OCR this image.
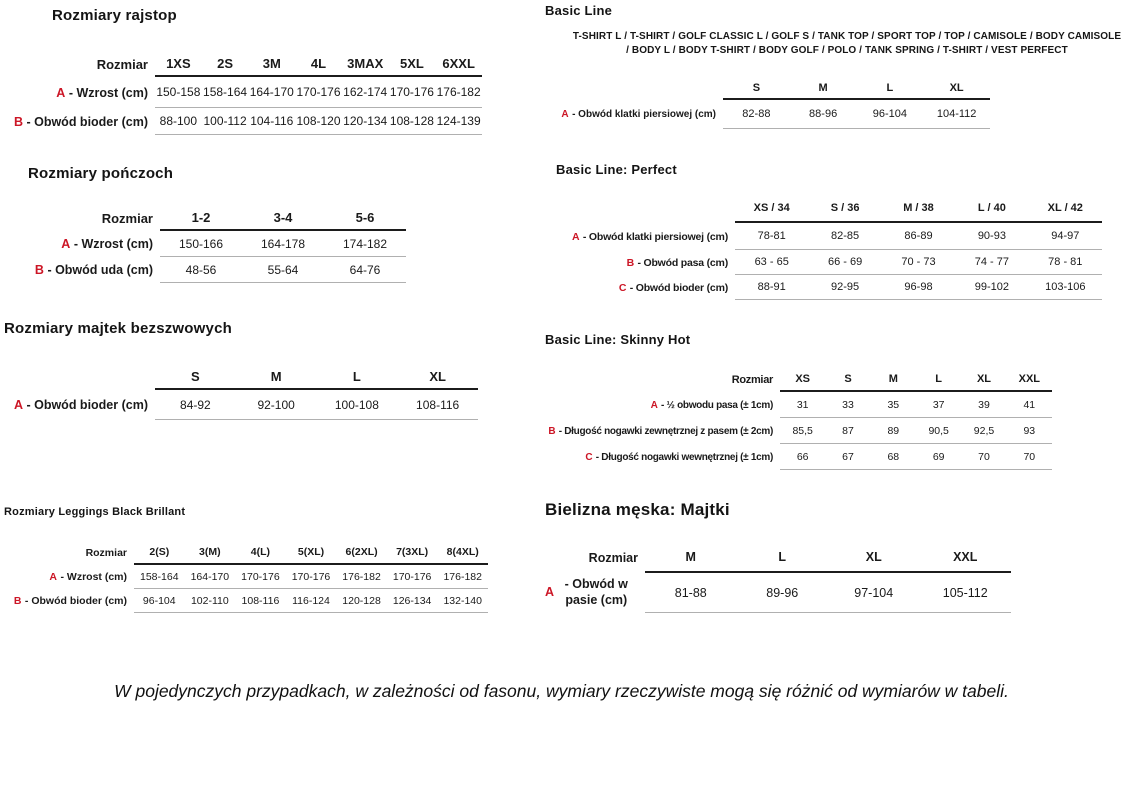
Rozmiary rajstop
Rozmiar	1XS	2S	3M	4L	3MAX	5XL	6XXL
A - Wzrost (cm) 150-158 158-164 164-170 170-176 162-174 170-176 176-182
B - Obwód bioder (cm) 88-100 100-112 104-116 108-120 120-134 108-128 124-139
Rozmiary pończoch
Rozmiar	1-2	3-4	5-6
A - Wzrost (cm)	150-166	164-178	174-182
B - Obwód uda (cm)	48-56	55-64	64-76
Rozmiary majtek bezszwowych
S	M	L	XL
A - Obwód bioder (cm)	84-92	92-100	100-108	108-116
Rozmiary Leggings Black Brillant
Rozmiar	2(S)	3(M)	4(L)	5(XL)	6(2XL)	7(3XL)	8(4XL)
A - Wzrost (cm)	158-164	164-170	170-176	170-176	176-182	170-176	176-182
B - Obwód bioder (cm)	96-104	102-110	108-116	116-124	120-128	126-134	132-140
Basic Line

T-SHIRT L / T-SHIRT / GOLF CLASSIC L / GOLF S / TANK TOP / SPORT TOP / TOP / CAMISOLE / BODY CAMISOLE / BODY L / BODY T-SHIRT / BODY GOLF / POLO / TANK SPRING / T-SHIRT / VEST PERFECT

S	M	L	XL
A - Obwód klatki piersiowej (cm)	82-88	88-96	96-104	104-112
Basic Line: Perfect
XS / 34	S / 36	M / 38	L / 40	XL / 42
A - Obwód klatki piersiowej (cm)	78-81	82-85	86-89	90-93	94-97
B - Obwód pasa (cm)	63 - 65	66 - 69	70 - 73	74 - 77	78 - 81
C - Obwód bioder (cm)	88-91	92-95	96-98	99-102	103-106
Basic Line: Skinny Hot
Rozmiar	XS	S	M	L	XL	XXL
A - ½ obwodu pasa (± 1cm)	31	33	35	37	39	41
B - Długość nogawki zewnętrznej z pasem (± 2cm)	85,5	87	89	90,5	92,5	93
C - Długość nogawki wewnętrznej (± 1cm)	66	67	68	69	70	70
Bielizna męska: Majtki
Rozmiar	M	L	XL	XXL
A
- Obwód w pasie (cm)
81-88	89-96	97-104	105-112

W pojedynczych przypadkach, w zależności od fasonu, wymiary rzeczywiste mogą się różnić od wymiarów w tabeli.
